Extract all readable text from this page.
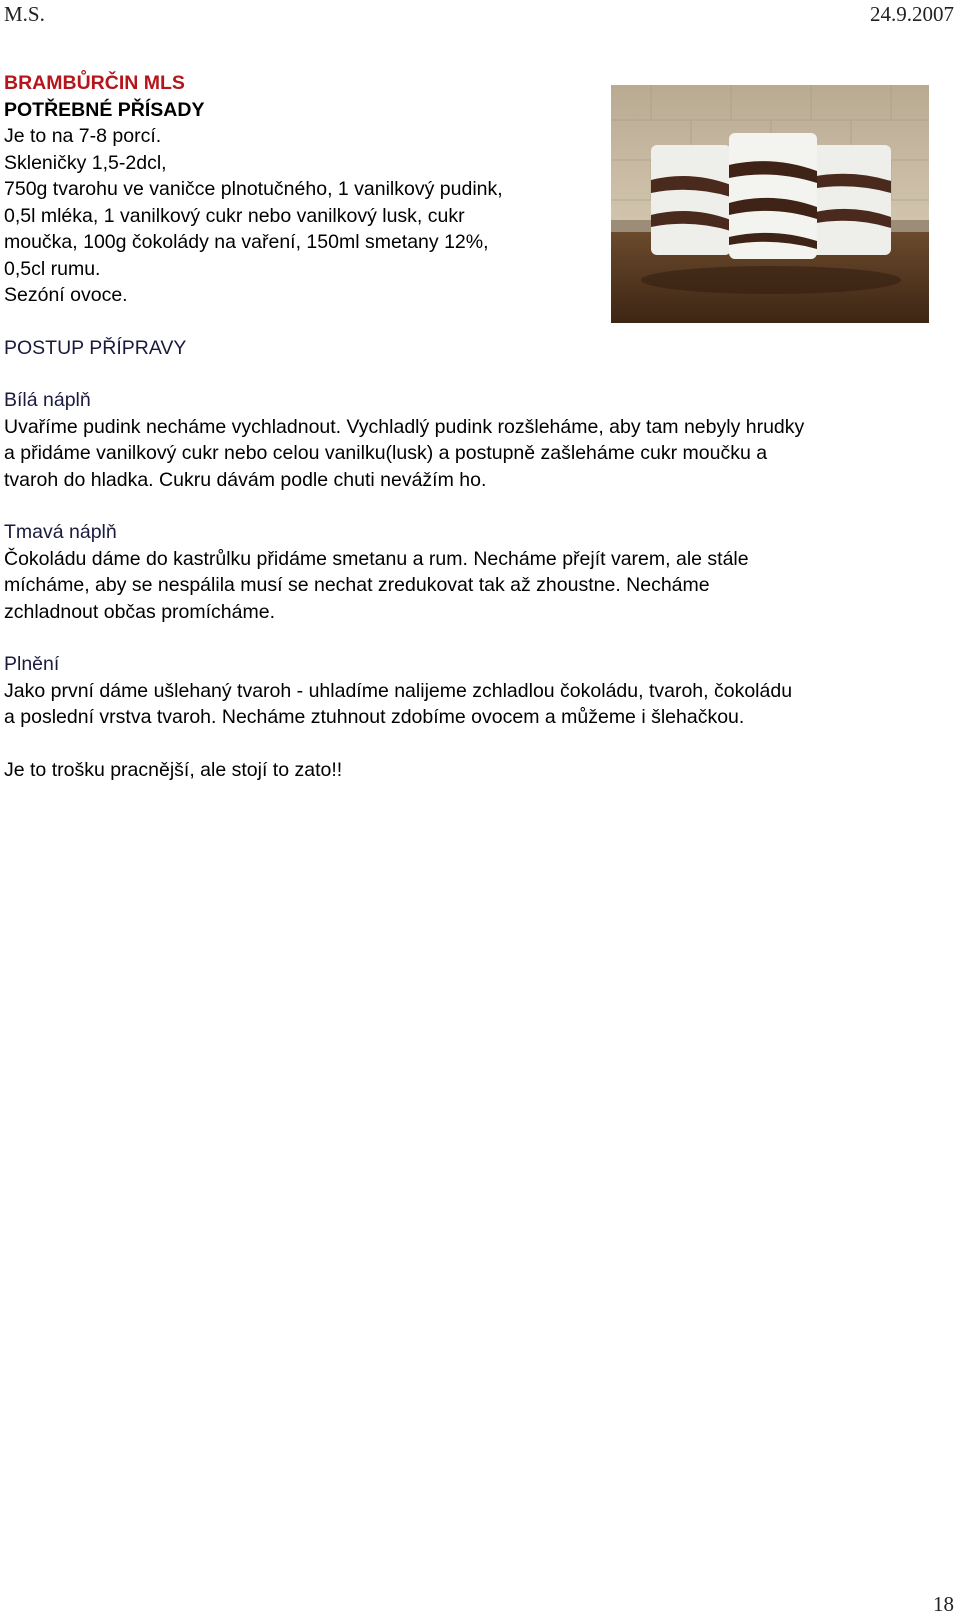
M.S.	24.9.2007

BRAMBŮRČIN MLS

POTŘEBNÉ PŘÍSADY

Je to na 7-8 porcí.

Skleničky 1,5-2dcl,

750g tvarohu ve vaničce plnotučného, 1 vanilkový pudink,

0,5l mléka, 1 vanilkový cukr nebo vanilkový lusk, cukr

moučka, 100g čokolády na vaření, 150ml smetany 12%,

0,5cl rumu.

Sezóní ovoce.

POSTUP PŘÍPRAVY

Bílá náplň

Uvaříme pudink necháme vychladnout. Vychladlý pudink rozšleháme, aby tam nebyly hrudky

a přidáme vanilkový cukr nebo celou vanilku(lusk) a postupně zašleháme cukr moučku a

tvaroh do hladka. Cukru dávám podle chuti nevážím ho.

Tmavá náplň

Čokoládu dáme do kastrůlku přidáme smetanu a rum. Necháme přejít varem, ale stále

mícháme, aby se nespálila musí se nechat zredukovat tak až zhoustne. Necháme

zchladnout občas promícháme.

Plnění

Jako první dáme ušlehaný tvaroh - uhladíme nalijeme zchladlou čokoládu, tvaroh, čokoládu

a poslední vrstva tvaroh. Necháme ztuhnout zdobíme ovocem a můžeme i šlehačkou.

Je to trošku pracnější, ale stojí to zato!!

18
